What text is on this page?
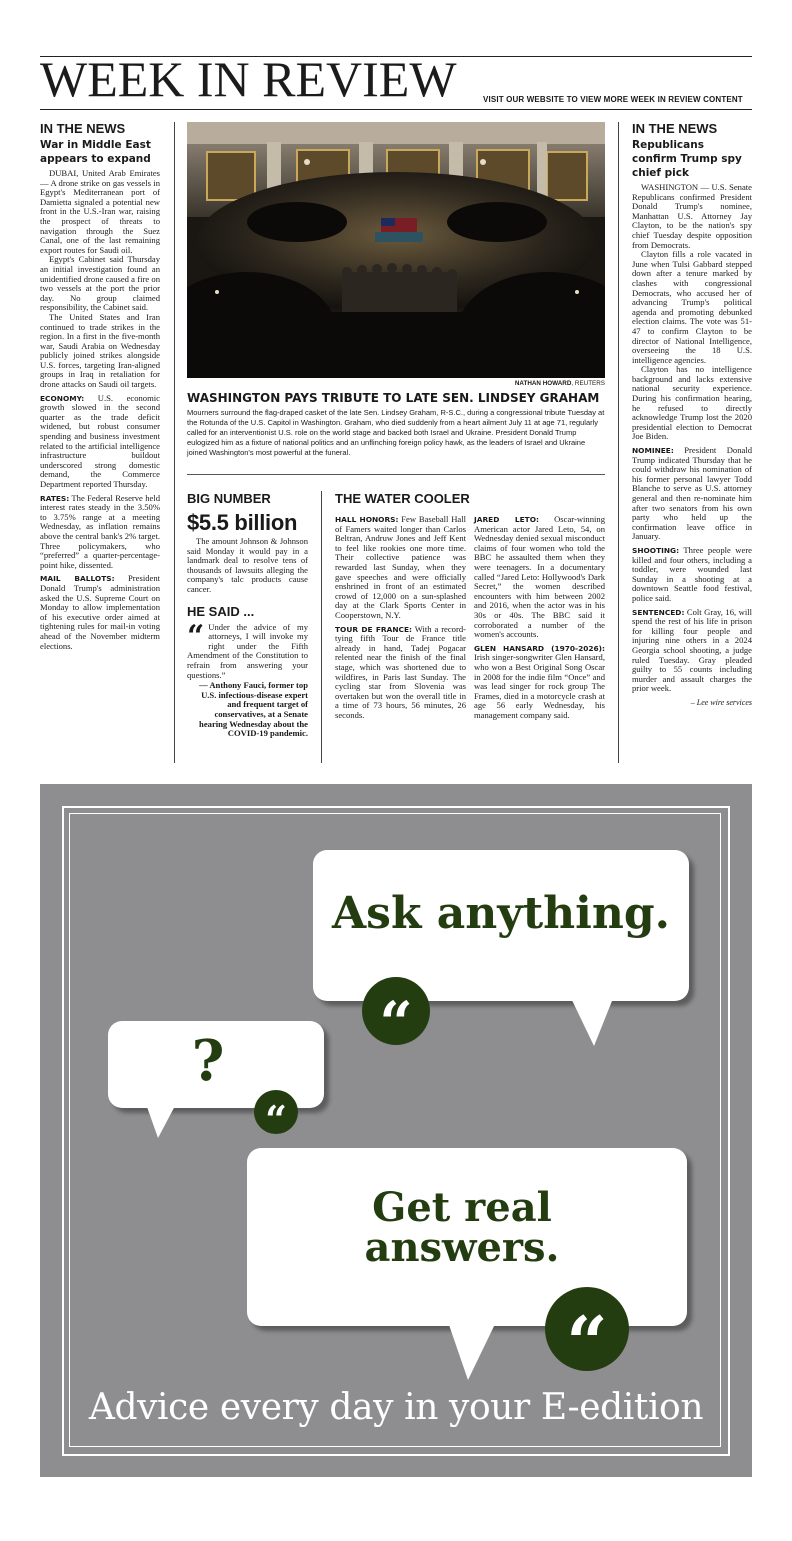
WEEK IN REVIEW	VISIT OUR WEBSITE TO VIEW MORE WEEK IN REVIEW CONTENT
IN THE NEWS
War in Middle East appears to expand

DUBAI, United Arab Emirates — A drone strike on gas vessels in Egypt's Mediterranean port of Damietta signaled a potential new front in the U.S.-Iran war, raising the prospect of threats to navigation through the Suez Canal, one of the last remaining export routes for Saudi oil.

Egypt's Cabinet said Thursday an initial investigation found an unidentified drone caused a fire on two vessels at the port the prior day. No group claimed responsibility, the Cabinet said.

The United States and Iran continued to trade strikes in the region. In a first in the five-month war, Saudi Arabia on Wednesday publicly joined strikes alongside U.S. forces, targeting Iran-aligned groups in Iraq in retaliation for drone attacks on Saudi oil targets.

ECONOMY: U.S. economic growth slowed in the second quarter as the trade deficit widened, but robust consumer spending and business investment related to the artificial intelligence infrastructure buildout underscored strong domestic demand, the Commerce Department reported Thursday.

RATES: The Federal Reserve held interest rates steady in the 3.50% to 3.75% range at a meeting Wednesday, as inflation remains above the central bank's 2% target. Three policymakers, who “preferred” a quarter-percentage-point hike, dissented.

MAIL BALLOTS: President Donald Trump's administration asked the U.S. Supreme Court on Monday to allow implementation of his executive order aimed at tightening rules for mail-in voting ahead of the November midterm elections.

NATHAN HOWARD, REUTERS
WASHINGTON PAYS TRIBUTE TO LATE SEN. LINDSEY GRAHAM
Mourners surround the flag-draped casket of the late Sen. Lindsey Graham, R-S.C., during a congressional tribute Tuesday at the Rotunda of the U.S. Capitol in Washington. Graham, who died suddenly from a heart ailment July 11 at age 71, regularly called for an interventionist U.S. role on the world stage and backed both Israel and Ukraine. President Donald Trump eulogized him as a fixture of national politics and an unflinching foreign policy hawk, as the leaders of Israel and Ukraine joined Washington's most powerful at the funeral.
BIG NUMBER
$5.5 billion

The amount Johnson & Johnson said Monday it would pay in a landmark deal to resolve tens of thousands of lawsuits alleging the company's talc products cause cancer.

HE SAID ...
“ Under the advice of my attorneys, I will invoke my right under the Fifth Amendment of the Constitution to refrain from answering your questions.”

— Anthony Fauci, former top U.S. infectious-disease expert and frequent target of conservatives, at a Senate hearing Wednesday about the COVID-19 pandemic.
THE WATER COOLER

HALL HONORS: Few Baseball Hall of Famers waited longer than Carlos Beltran, Andruw Jones and Jeff Kent to feel like rookies one more time. Their collective patience was rewarded last Sunday, when they gave speeches and were officially enshrined in front of an estimated crowd of 12,000 on a sun-splashed day at the Clark Sports Center in Cooperstown, N.Y.

TOUR DE FRANCE: With a record-tying fifth Tour de France title already in hand, Tadej Pogacar relented near the finish of the final stage, which was shortened due to wildfires, in Paris last Sunday. The cycling star from Slovenia was overtaken but won the overall title in a time of 73 hours, 56 minutes, 26 seconds.

JARED LETO: Oscar-winning American actor Jared Leto, 54, on Wednesday denied sexual misconduct claims of four women who told the BBC he assaulted them when they were teenagers. In a documentary called “Jared Leto: Hollywood's Dark Secret,” the women described encounters with him between 2002 and 2016, when the actor was in his 30s or 40s. The BBC said it corroborated a number of the women's accounts.

GLEN HANSARD (1970-2026): Irish singer-songwriter Glen Hansard, who won a Best Original Song Oscar in 2008 for the indie film “Once” and was lead singer for rock group The Frames, died in a motorcycle crash at age 56 early Wednesday, his management company said.

IN THE NEWS
Republicans confirm Trump spy chief pick

WASHINGTON — U.S. Senate Republicans confirmed President Donald Trump's nominee, Manhattan U.S. Attorney Jay Clayton, to be the nation's spy chief Tuesday despite opposition from Democrats.

Clayton fills a role vacated in June when Tulsi Gabbard stepped down after a tenure marked by clashes with congressional Democrats, who accused her of advancing Trump's political agenda and promoting debunked election claims. The vote was 51-47 to confirm Clayton to be director of National Intelligence, overseeing the 18 U.S. intelligence agencies.

Clayton has no intelligence background and lacks extensive national security experience. During his confirmation hearing, he refused to directly acknowledge Trump lost the 2020 presidential election to Democrat Joe Biden.

NOMINEE: President Donald Trump indicated Thursday that he could withdraw his nomination of his former personal lawyer Todd Blanche to serve as U.S. attorney general and then re-nominate him after two senators from his own party who held up the confirmation leave office in January.

SHOOTING: Three people were killed and four others, including a toddler, were wounded last Sunday in a shooting at a downtown Seattle food festival, police said.

SENTENCED: Colt Gray, 16, will spend the rest of his life in prison for killing four people and injuring nine others in a 2024 Georgia school shooting, a judge ruled Tuesday. Gray pleaded guilty to 55 counts including murder and assault charges the prior week.

– Lee wire services
Ask anything.
“
?
“
Get real
answers.
“
Advice every day in your E-edition
